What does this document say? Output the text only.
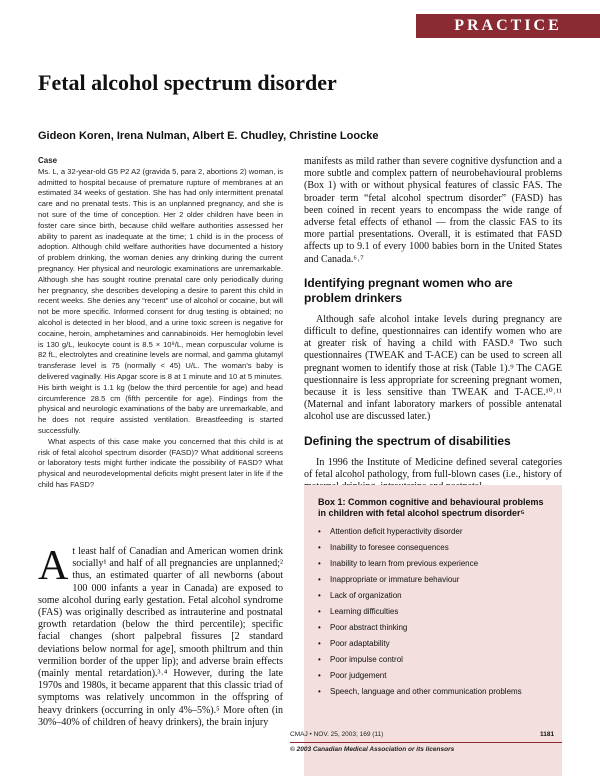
PRACTICE
Fetal alcohol spectrum disorder
Gideon Koren, Irena Nulman, Albert E. Chudley, Christine Loocke
Case

Ms. L, a 32-year-old G5 P2 A2 (gravida 5, para 2, abortions 2) woman, is admitted to hospital because of premature rupture of membranes at an estimated 34 weeks of gestation. She has had only intermittent prenatal care and no prenatal tests. This is an unplanned pregnancy, and she is not sure of the time of conception. Her 2 older children have been in foster care since birth, because child welfare authorities assessed her ability to parent as inadequate at the time; 1 child is in the process of adoption. Although child welfare authorities have documented a history of problem drinking, the woman denies any drinking during the current pregnancy. Her physical and neurologic examinations are unremarkable. Although she has sought routine prenatal care only periodically during her pregnancy, she describes developing a desire to parent this child in recent weeks. She denies any “recent” use of alcohol or cocaine, but will not be more specific. Informed consent for drug testing is obtained; no alcohol is detected in her blood, and a urine toxic screen is negative for cocaine, heroin, amphetamines and cannabinoids. Her hemoglobin level is 130 g/L, leukocyte count is 8.5 × 10⁹/L, mean corpuscular volume is 82 fL, electrolytes and creatinine levels are normal, and gamma glutamyl transferase level is 75 (normally < 45) U/L. The woman’s baby is delivered vaginally. His Apgar score is 8 at 1 minute and 10 at 5 minutes. His birth weight is 1.1 kg (below the third percentile for age) and head circumference 28.5 cm (fifth percentile for age). Findings from the physical and neurologic examinations of the baby are unremarkable, and he does not require assisted ventilation. Breastfeeding is started successfully.

What aspects of this case make you concerned that this child is at risk of fetal alcohol spectrum disorder (FASD)? What additional screens or laboratory tests might further indicate the possibility of FASD? What physical and neurodevelopmental deficits might present later in life if the child has FASD?

A t least half of Canadian and American women drink socially¹ and half of all pregnancies are unplanned;² thus, an estimated quarter of all newborns (about 100 000 infants a year in Canada) are exposed to some alcohol during early gestation. Fetal alcohol syndrome (FAS) was originally described as intrauterine and postnatal growth retardation (below the third percentile); specific facial changes (short palpebral fissures [2 standard deviations below normal for age], smooth philtrum and thin vermilion border of the upper lip); and adverse brain effects (mainly mental retardation).³˒⁴ However, during the late 1970s and 1980s, it became apparent that this classic triad of symptoms was relatively uncommon in the offspring of heavy drinkers (occurring in only 4%–5%).⁵ More often (in 30%–40% of children of heavy drinkers), the brain injury

manifests as mild rather than severe cognitive dysfunction and a more subtle and complex pattern of neurobehavioural problems (Box 1) with or without physical features of classic FAS. The broader term “fetal alcohol spectrum disorder” (FASD) has been coined in recent years to encompass the wide range of adverse fetal effects of ethanol — from the classic FAS to its more partial presentations. Overall, it is estimated that FASD affects up to 9.1 of every 1000 babies born in the United States and Canada.⁶˒⁷

Identifying pregnant women who are problem drinkers

Although safe alcohol intake levels during pregnancy are difficult to define, questionnaires can identify women who are at greater risk of having a child with FASD.⁸ Two such questionnaires (TWEAK and T-ACE) can be used to screen all pregnant women to identify those at risk (Table 1).⁹ The CAGE questionnaire is less appropriate for screening pregnant women, because it is less sensitive than TWEAK and T-ACE.¹⁰˒¹¹ (Maternal and infant laboratory markers of possible antenatal alcohol use are discussed later.)

Defining the spectrum of disabilities

In 1996 the Institute of Medicine defined several categories of fetal alcohol pathology, from full-blown cases (i.e., history of

Box 1: Common cognitive and behavioural problems in children with fetal alcohol spectrum disorder⁵
• Attention deficit hyperactivity disorder
• Inability to foresee consequences
• Inability to learn from previous experience
• Inappropriate or immature behaviour
• Lack of organization
• Learning difficulties
• Poor abstract thinking
• Poor adaptability
• Poor impulse control
• Poor judgement
• Speech, language and other communication problems
CMAJ • NOV. 25, 2003; 169 (11)	1181
© 2003 Canadian Medical Association or its licensors
